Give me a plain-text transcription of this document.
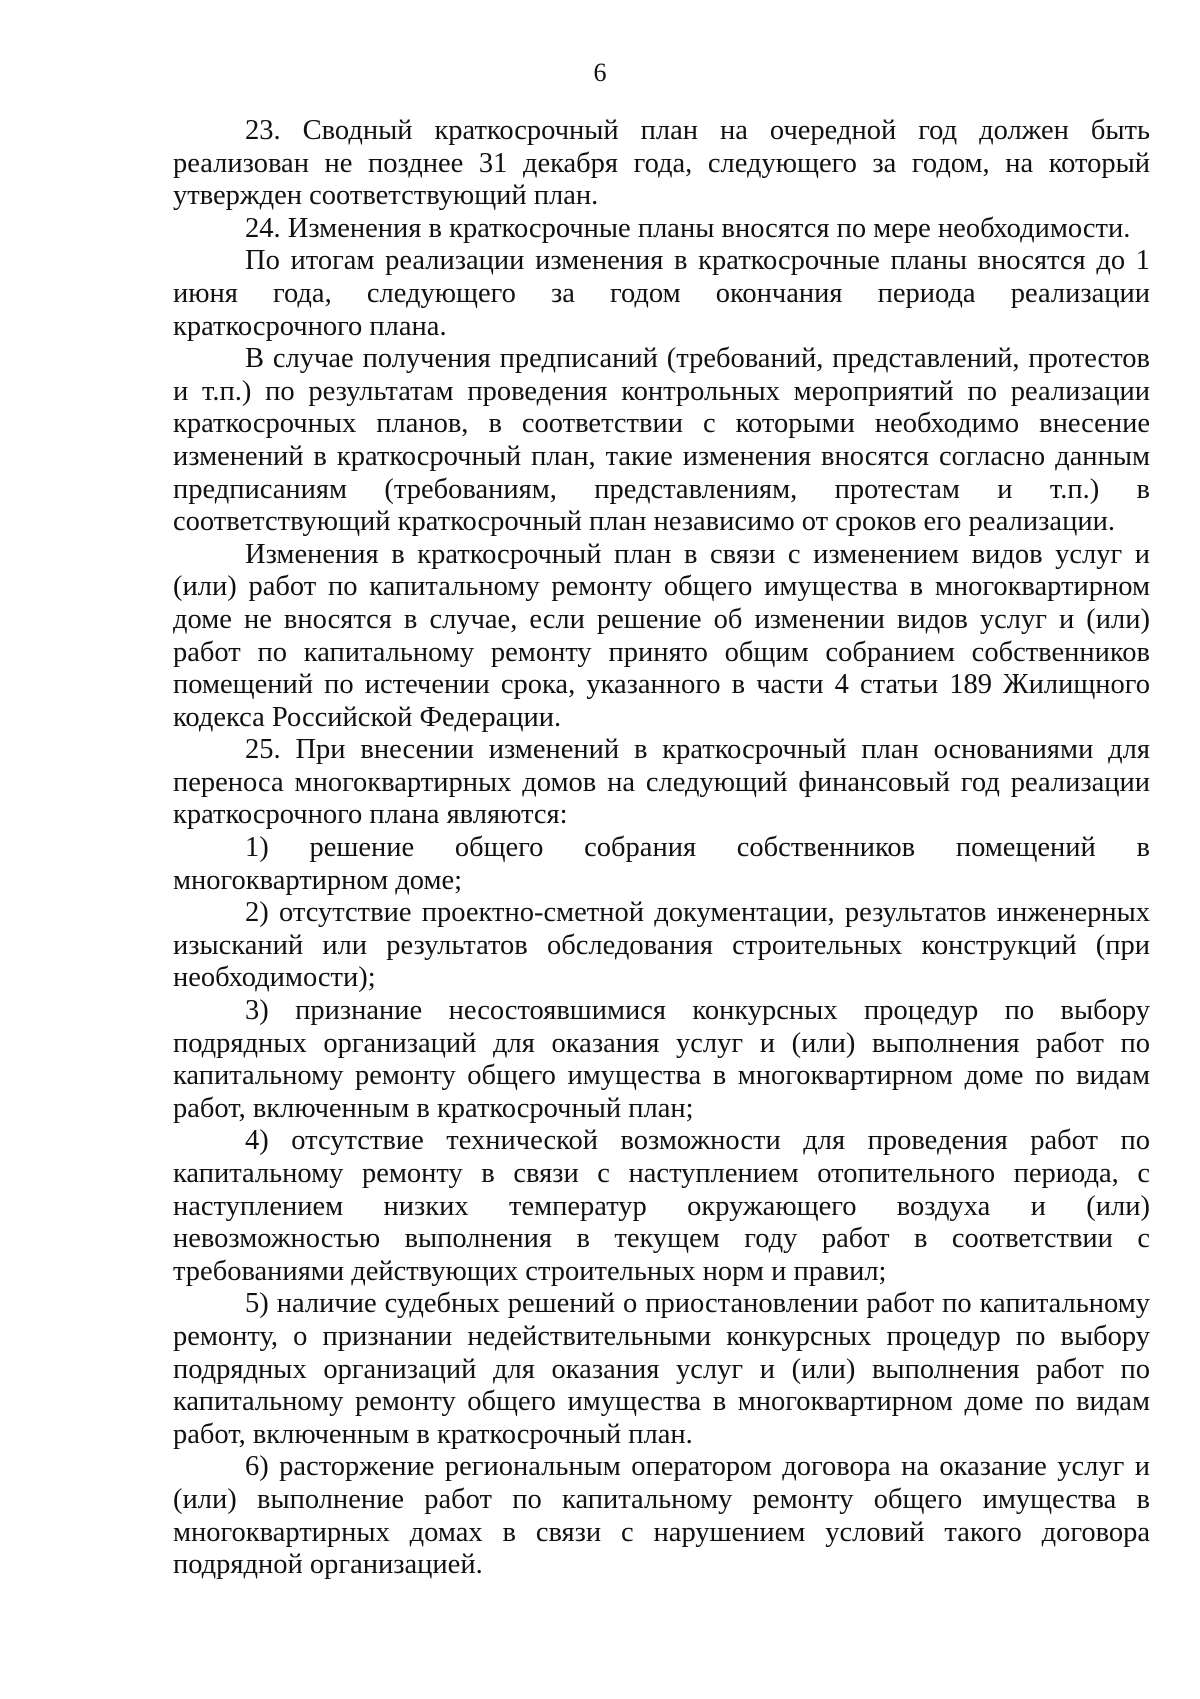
6

23. Сводный краткосрочный план на очередной год должен быть реализован не позднее 31 декабря года, следующего за годом, на который утвержден соответствующий план.

24. Изменения в краткосрочные планы вносятся по мере необходимости.

По итогам реализации изменения в краткосрочные планы вносятся до 1 июня года, следующего за годом окончания периода реализации краткосрочного плана.

В случае получения предписаний (требований, представлений, протестов и т.п.) по результатам проведения контрольных мероприятий по реализации краткосрочных планов, в соответствии с которыми необходимо внесение изменений в краткосрочный план, такие изменения вносятся согласно данным предписаниям (требованиям, представлениям, протестам и т.п.) в соответствующий краткосрочный план независимо от сроков его реализации.

Изменения в краткосрочный план в связи с изменением видов услуг и (или) работ по капитальному ремонту общего имущества в многоквартирном доме не вносятся в случае, если решение об изменении видов услуг и (или) работ по капитальному ремонту принято общим собранием собственников помещений по истечении срока, указанного в части 4 статьи 189 Жилищного кодекса Российской Федерации.

25. При внесении изменений в краткосрочный план основаниями для переноса многоквартирных домов на следующий финансовый год реализации краткосрочного плана являются:

1) решение общего собрания собственников помещений в многоквартирном доме;

2) отсутствие проектно-сметной документации, результатов инженерных изысканий или результатов обследования строительных конструкций (при необходимости);

3) признание несостоявшимися конкурсных процедур по выбору подрядных организаций для оказания услуг и (или) выполнения работ по капитальному ремонту общего имущества в многоквартирном доме по видам работ, включенным в краткосрочный план;

4) отсутствие технической возможности для проведения работ по капитальному ремонту в связи с наступлением отопительного периода, с наступлением низких температур окружающего воздуха и (или) невозможностью выполнения в текущем году работ в соответствии с требованиями действующих строительных норм и правил;

5) наличие судебных решений о приостановлении работ по капитальному ремонту, о признании недействительными конкурсных процедур по выбору подрядных организаций для оказания услуг и (или) выполнения работ по капитальному ремонту общего имущества в многоквартирном доме по видам работ, включенным в краткосрочный план.

6) расторжение региональным оператором договора на оказание услуг и (или) выполнение работ по капитальному ремонту общего имущества в многоквартирных домах в связи с нарушением условий такого договора подрядной организацией.
